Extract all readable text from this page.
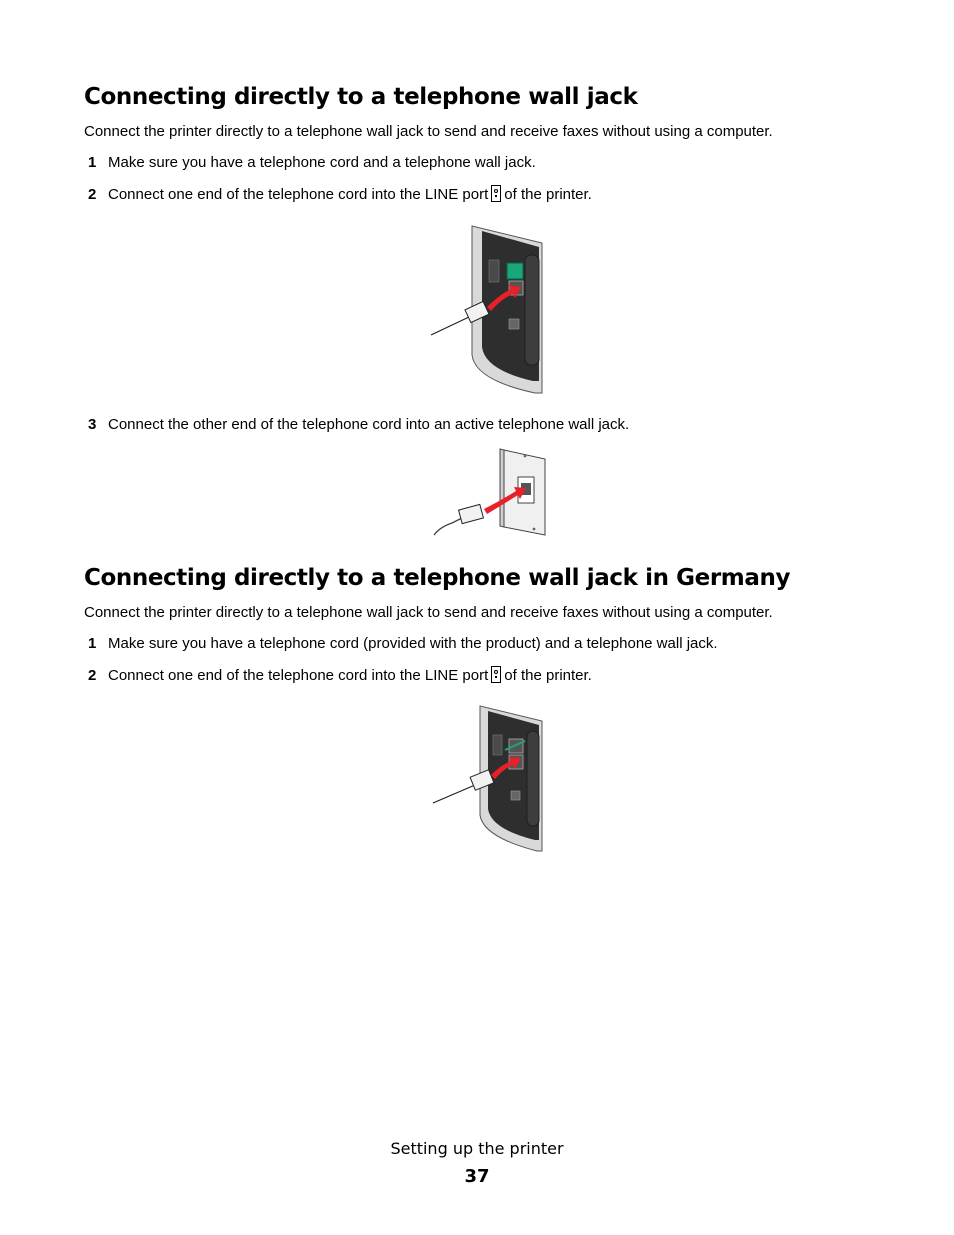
Connecting directly to a telephone wall jack

Connect the printer directly to a telephone wall jack to send and receive faxes without using a computer.

1 Make sure you have a telephone cord and a telephone wall jack.

2 Connect one end of the telephone cord into the LINE port of the printer.

3 Connect the other end of the telephone cord into an active telephone wall jack.

Connecting directly to a telephone wall jack in Germany

Connect the printer directly to a telephone wall jack to send and receive faxes without using a computer.

1 Make sure you have a telephone cord (provided with the product) and a telephone wall jack.

2 Connect one end of the telephone cord into the LINE port of the printer.

Setting up the printer

37
